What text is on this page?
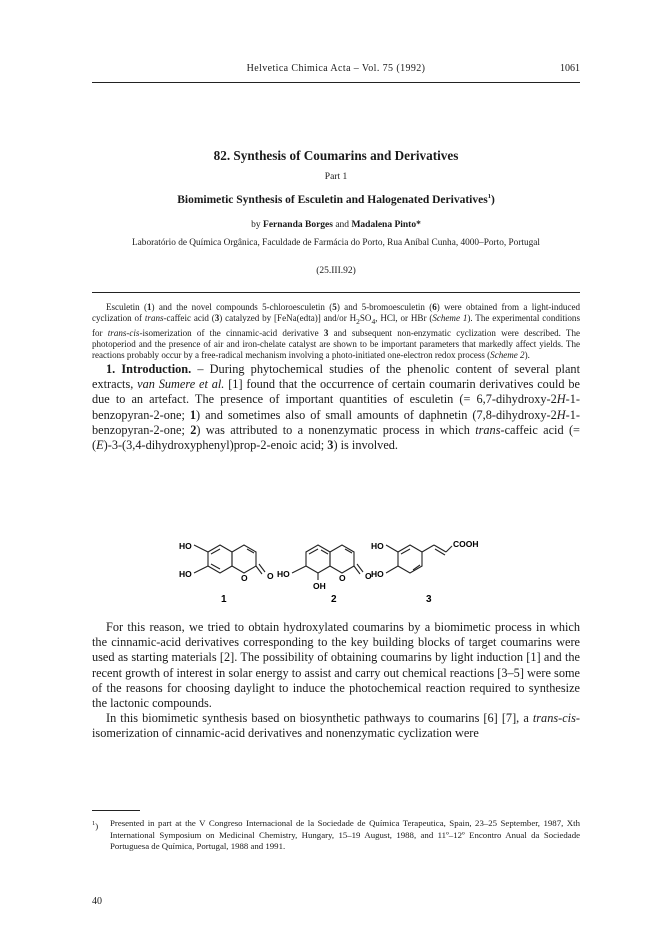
Helvetica Chimica Acta – Vol. 75 (1992)	1061
82. Synthesis of Coumarins and Derivatives
Part 1
Biomimetic Synthesis of Esculetin and Halogenated Derivatives$^1$)
by Fernanda Borges and Madalena Pinto*
Laboratório de Química Orgânica, Faculdade de Farmácia do Porto, Rua Aníbal Cunha, 4000–Porto, Portugal
(25.III.92)

Esculetin (1) and the novel compounds 5-chloroesculetin (5) and 5-bromoesculetin (6) were obtained from a light-induced cyclization of trans-caffeic acid (3) catalyzed by [FeNa(edta)] and/or $H_2SO_4$, HCl, or HBr (Scheme 1). The experimental conditions for trans-cis-isomerization of the cinnamic-acid derivative 3 and subsequent non-enzymatic cyclization were described. The photoperiod and the presence of air and iron-chelate catalyst are shown to be important parameters that markedly affect yields. The reactions probably occur by a free-radical mechanism involving a photo-initiated one-electron redox process (Scheme 2).

1. Introduction. – During phytochemical studies of the phenolic content of several plant extracts, van Sumere et al. [1] found that the occurrence of certain coumarin derivatives could be due to an artefact. The presence of important quantities of esculetin (= 6,7-dihydroxy-2H-1-benzopyran-2-one; 1) and sometimes also of small amounts of daphnetin (7,8-dihydroxy-2H-1-benzopyran-2-one; 2) was attributed to a nonenzymatic process in which trans-caffeic acid (= (E)-3-(3,4-dihydroxyphenyl)prop-2-enoic acid; 3) is involved.

HO
HO	O O
1
HO
OH
O O
2
HO
HO
COOH
3

For this reason, we tried to obtain hydroxylated coumarins by a biomimetic process in which the cinnamic-acid derivatives corresponding to the key building blocks of target coumarins were used as starting materials [2]. The possibility of obtaining coumarins by light induction [1] and the recent growth of interest in solar energy to assist and carry out chemical reactions [3–5] were some of the reasons for choosing daylight to induce the photochemical reaction required to synthesize the lactonic compounds.

In this biomimetic synthesis based on biosynthetic pathways to coumarins [6] [7], a trans-cis-isomerization of cinnamic-acid derivatives and nonenzymatic cyclization were

$^1$) Presented in part at the V Congreso Internacional de la Sociedade de Química Terapeutica, Spain, 23–25 September, 1987, Xth International Symposium on Medicinal Chemistry, Hungary, 15–19 August, 1988, and 11º–12º Encontro Anual da Sociedade Portuguesa de Química, Portugal, 1988 and 1991.
40
